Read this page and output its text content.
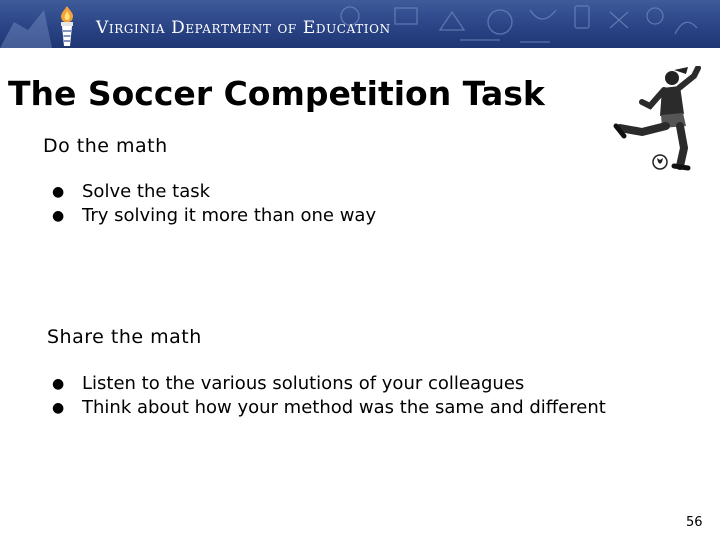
Virginia Department of Education
The Soccer Competition Task
Do the math
● Solve the task
● Try solving it more than one way
Share the math
● Listen to the various solutions of your colleagues
● Think about how your method was the same and different
56
